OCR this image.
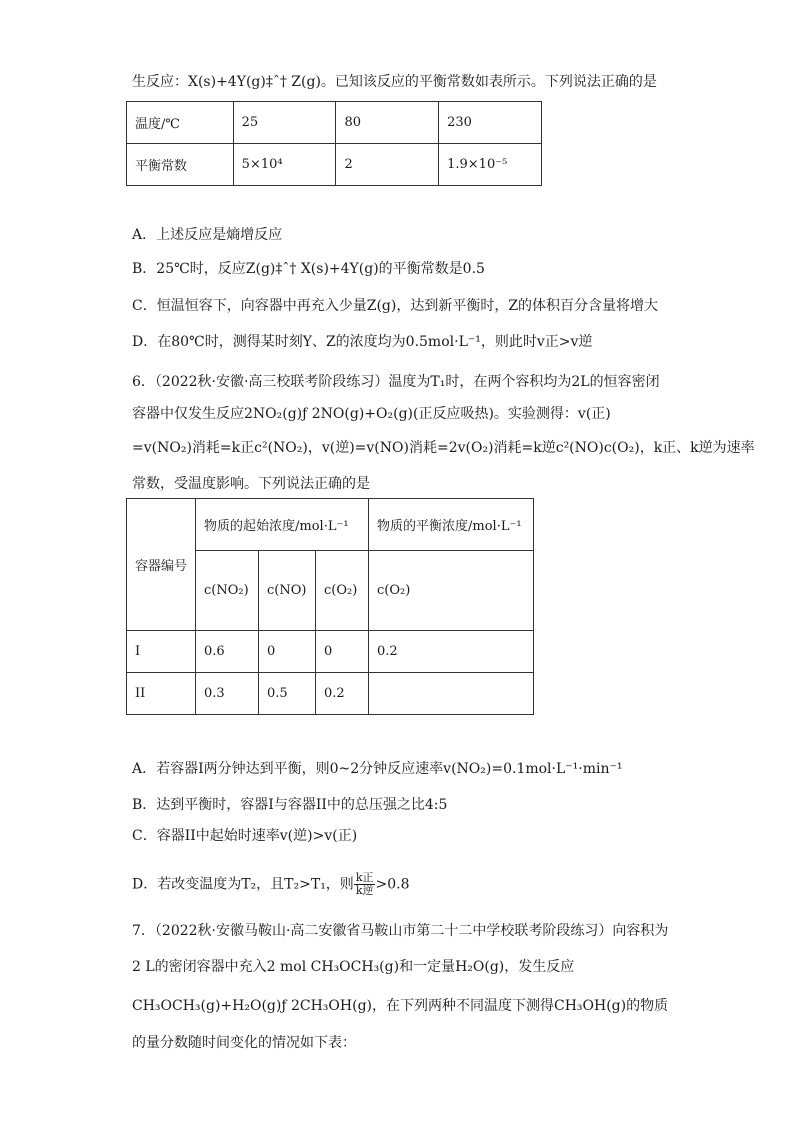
生反应：X(s)+4Y(g)‡ˆ† Z(g)。已知该反应的平衡常数如表所示。下列说法正确的是
温度/℃	25	80	230
平衡常数	5×10⁴	2	1.9×10⁻⁵
A．上述反应是熵增反应
B．25℃时，反应Z(g)‡ˆ† X(s)+4Y(g)的平衡常数是0.5
C．恒温恒容下，向容器中再充入少量Z(g)，达到新平衡时，Z的体积百分含量将增大
D．在80℃时，测得某时刻Y、Z的浓度均为0.5mol·L⁻¹，则此时v正>v逆
6．（2022秋·安徽·高三校联考阶段练习）温度为T₁时，在两个容积均为2L的恒容密闭
容器中仅发生反应2NO₂(g)ƒ 2NO(g)+O₂(g)(正反应吸热)。实验测得：v(正)
=v(NO₂)消耗=k正c²(NO₂)，v(逆)=v(NO)消耗=2v(O₂)消耗=k逆c²(NO)c(O₂)，k正、k逆为速率
常数，受温度影响。下列说法正确的是
容器编号	物质的起始浓度/mol·L⁻¹			物质的平衡浓度/mol·L⁻¹
	c(NO₂)	c(NO)	c(O₂)	c(O₂)
I	0.6	0	0	0.2
II	0.3	0.5	0.2	
A．若容器I两分钟达到平衡，则0~2分钟反应速率v(NO₂)=0.1mol·L⁻¹·min⁻¹
B．达到平衡时，容器I与容器II中的总压强之比4:5
C．容器II中起始时速率v(逆)>v(正)
D．若改变温度为T₂，且T₂>T₁，则 $\frac{\text{k正}}{\text{k逆}} >0.8$
7．（2022秋·安徽马鞍山·高二安徽省马鞍山市第二十二中学校联考阶段练习）向容积为
2 L的密闭容器中充入2 mol CH₃OCH₃(g)和一定量H₂O(g)，发生反应
CH₃OCH₃(g)+H₂O(g)ƒ 2CH₃OH(g)，在下列两种不同温度下测得CH₃OH(g)的物质
的量分数随时间变化的情况如下表：
